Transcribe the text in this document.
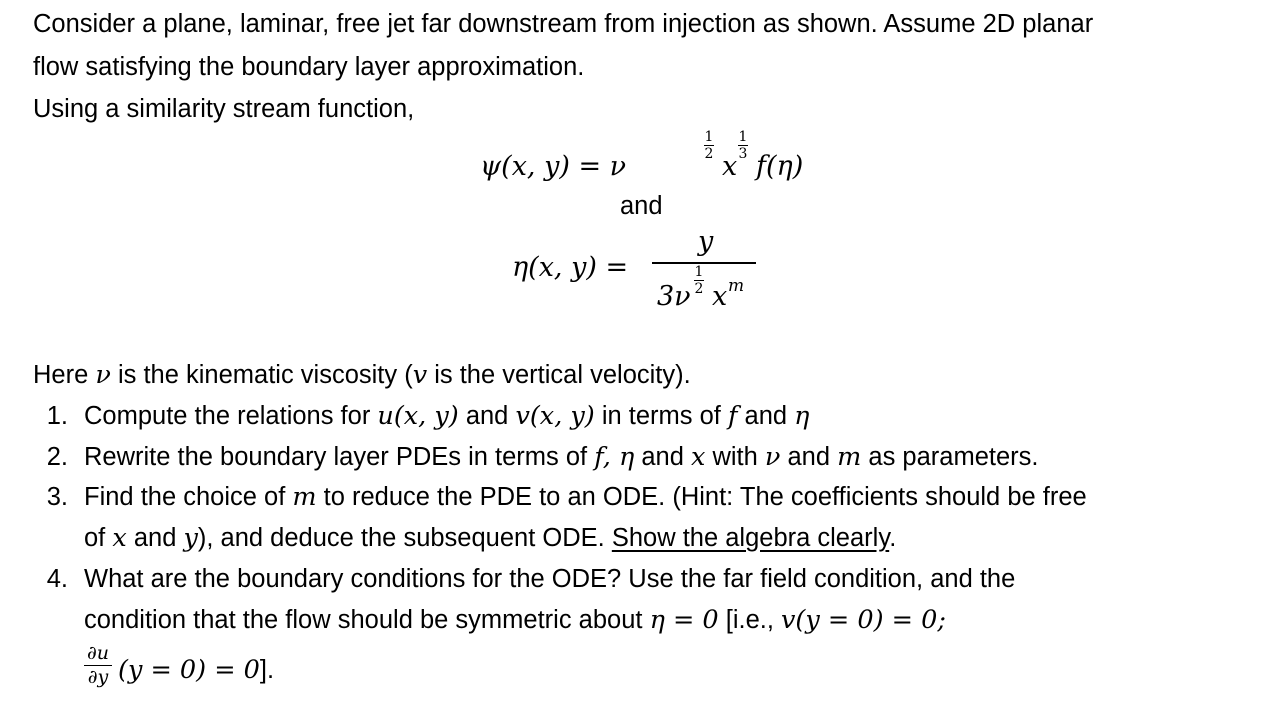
Consider a plane, laminar, free jet far downstream from injection as shown. Assume 2D planar
flow satisfying the boundary layer approximation.
Using a similarity stream function,
ψ(x, y) = ν
1
2 x
1
3 f(η)
and
η(x, y) =
y
3ν
1
2 x m
Here ν is the kinematic viscosity (v is the vertical velocity).
1. Compute the relations for u(x, y) and v(x, y) in terms of f and η
2. Rewrite the boundary layer PDEs in terms of f, η and x with ν and m as parameters.
3. Find the choice of m to reduce the PDE to an ODE. (Hint: The coefficients should be free
of x and y), and deduce the subsequent ODE. Show the algebra clearly.
4. What are the boundary conditions for the ODE? Use the far field condition, and the
condition that the flow should be symmetric about η = 0 [i.e., v(y = 0) = 0;
∂u
∂y (y = 0) = 0].
